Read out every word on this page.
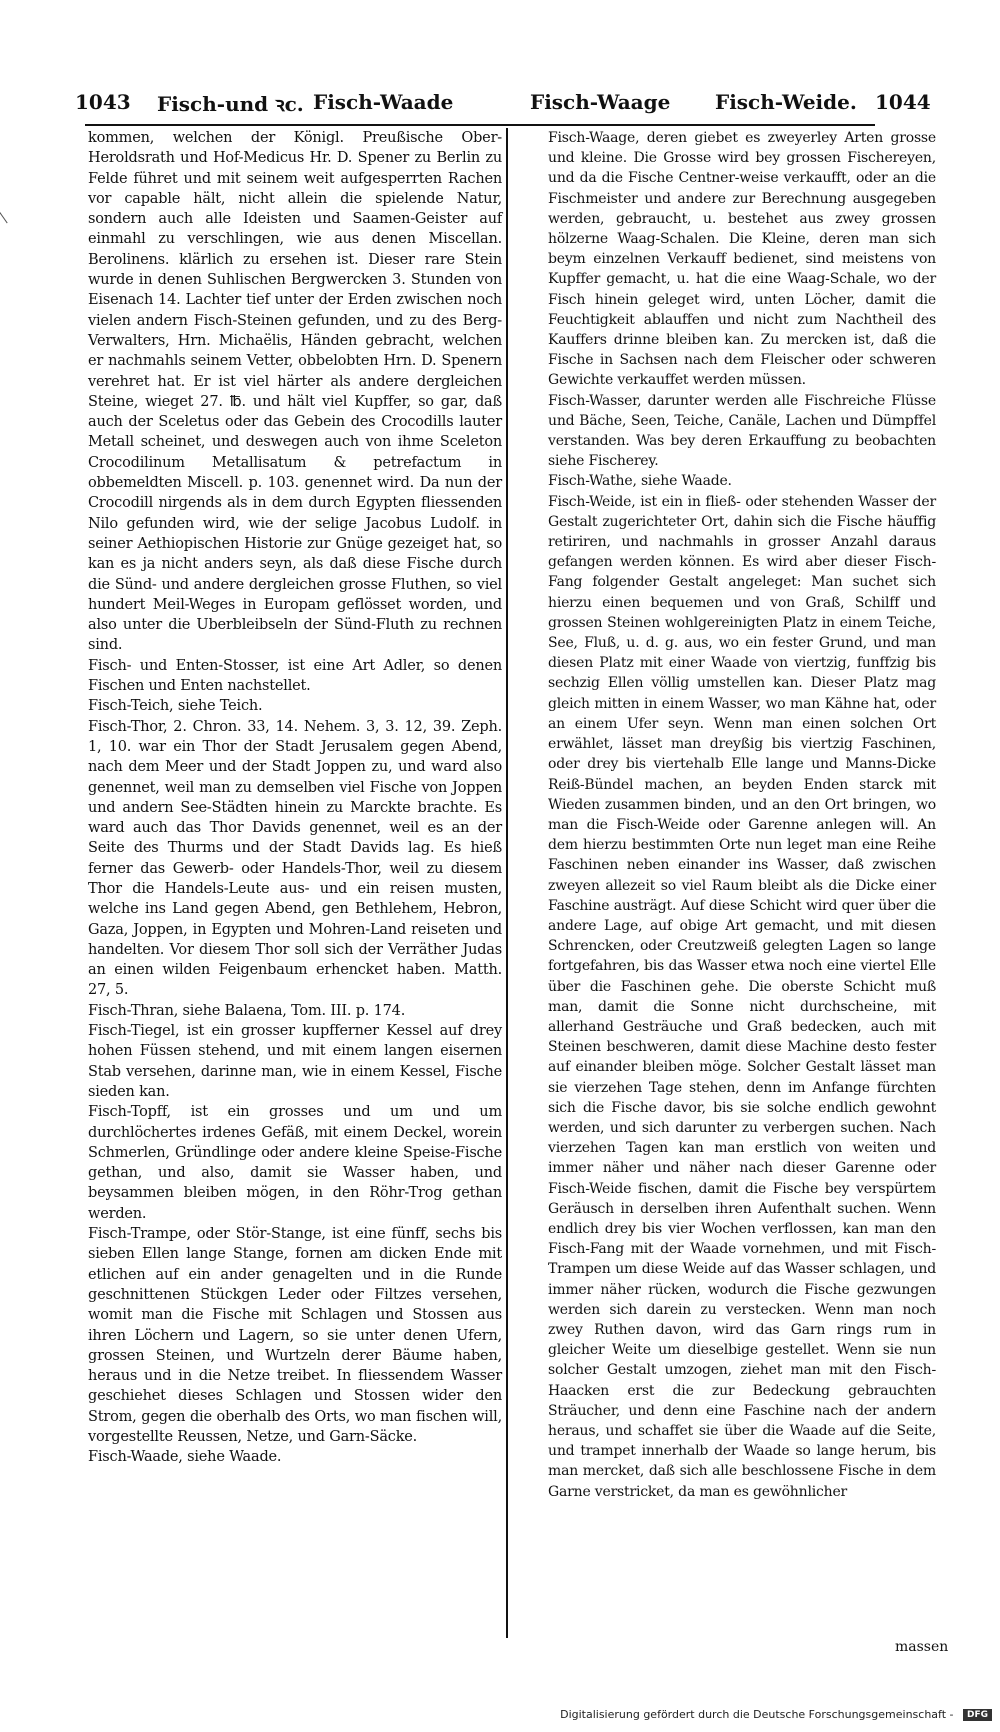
1043 Fisch-und ꝛc. Fisch-Waade	Fisch-Waage Fisch-Weide. 1044

kommen, welchen der Königl. Preußische Ober-Heroldsrath und Hof-Medicus Hr. D. Spener zu Berlin zu Felde führet und mit seinem weit aufgesperrten Rachen vor capable hält, nicht allein die spielende Natur, sondern auch alle Ideisten und Saamen-Geister auf einmahl zu verschlingen, wie aus denen Miscellan. Berolinens. klärlich zu ersehen ist. Dieser rare Stein wurde in denen Suhlischen Bergwercken 3. Stunden von Eisenach 14. Lachter tief unter der Erden zwischen noch vielen andern Fisch-Steinen gefunden, und zu des Berg-Verwalters, Hrn. Michaëlis, Händen gebracht, welchen er nachmahls seinem Vetter, obbelobten Hrn. D. Spenern verehret hat. Er ist viel härter als andere dergleichen Steine, wieget 27. ℔. und hält viel Kupffer, so gar, daß auch der Sceletus oder das Gebein des Crocodills lauter Metall scheinet, und deswegen auch von ihme Sceleton Crocodilinum Metallisatum & petrefactum in obbemeldten Miscell. p. 103. genennet wird. Da nun der Crocodill nirgends als in dem durch Egypten fliessenden Nilo gefunden wird, wie der selige Jacobus Ludolf. in seiner Aethiopischen Historie zur Gnüge gezeiget hat, so kan es ja nicht anders seyn, als daß diese Fische durch die Sünd- und andere dergleichen grosse Fluthen, so viel hundert Meil-Weges in Europam geflösset worden, und also unter die Uberbleibseln der Sünd-Fluth zu rechnen sind.

Fisch- und Enten-Stosser, ist eine Art Adler, so denen Fischen und Enten nachstellet.

Fisch-Teich, siehe Teich.

Fisch-Thor, 2. Chron. 33, 14. Nehem. 3, 3. 12, 39. Zeph. 1, 10. war ein Thor der Stadt Jerusalem gegen Abend, nach dem Meer und der Stadt Joppen zu, und ward also genennet, weil man zu demselben viel Fische von Joppen und andern See-Städten hinein zu Marckte brachte. Es ward auch das Thor Davids genennet, weil es an der Seite des Thurms und der Stadt Davids lag. Es hieß ferner das Gewerb- oder Handels-Thor, weil zu diesem Thor die Handels-Leute aus- und ein reisen musten, welche ins Land gegen Abend, gen Bethlehem, Hebron, Gaza, Joppen, in Egypten und Mohren-Land reiseten und handelten. Vor diesem Thor soll sich der Verräther Judas an einen wilden Feigenbaum erhencket haben. Matth. 27, 5.

Fisch-Thran, siehe Balaena, Tom. III. p. 174.

Fisch-Tiegel, ist ein grosser kupfferner Kessel auf drey hohen Füssen stehend, und mit einem langen eisernen Stab versehen, darinne man, wie in einem Kessel, Fische sieden kan.

Fisch-Topff, ist ein grosses und um und um durchlöchertes irdenes Gefäß, mit einem Deckel, worein Schmerlen, Gründlinge oder andere kleine Speise-Fische gethan, und also, damit sie Wasser haben, und beysammen bleiben mögen, in den Röhr-Trog gethan werden.

Fisch-Trampe, oder Stör-Stange, ist eine fünff, sechs bis sieben Ellen lange Stange, fornen am dicken Ende mit etlichen auf ein ander genagelten und in die Runde geschnittenen Stückgen Leder oder Filtzes versehen, womit man die Fische mit Schlagen und Stossen aus ihren Löchern und Lagern, so sie unter denen Ufern, grossen Steinen, und Wurtzeln derer Bäume haben, heraus und in die Netze treibet. In fliessendem Wasser geschiehet dieses Schlagen und Stossen wider den Strom, gegen die oberhalb des Orts, wo man fischen will, vorgestellte Reussen, Netze, und Garn-Säcke.

Fisch-Waade, siehe Waade.

Fisch-Waage, deren giebet es zweyerley Arten grosse und kleine. Die Grosse wird bey grossen Fischereyen, und da die Fische Centner-weise verkaufft, oder an die Fischmeister und andere zur Berechnung ausgegeben werden, gebraucht, u. bestehet aus zwey grossen hölzerne Waag-Schalen. Die Kleine, deren man sich beym einzelnen Verkauff bedienet, sind meistens von Kupffer gemacht, u. hat die eine Waag-Schale, wo der Fisch hinein geleget wird, unten Löcher, damit die Feuchtigkeit ablauffen und nicht zum Nachtheil des Kauffers drinne bleiben kan. Zu mercken ist, daß die Fische in Sachsen nach dem Fleischer oder schweren Gewichte verkauffet werden müssen.

Fisch-Wasser, darunter werden alle Fischreiche Flüsse und Bäche, Seen, Teiche, Canäle, Lachen und Dümpffel verstanden. Was bey deren Erkauffung zu beobachten siehe Fischerey.

Fisch-Wathe, siehe Waade.

Fisch-Weide, ist ein in fließ- oder stehenden Wasser der Gestalt zugerichteter Ort, dahin sich die Fische häuffig retiriren, und nachmahls in grosser Anzahl daraus gefangen werden können. Es wird aber dieser Fisch-Fang folgender Gestalt angeleget: Man suchet sich hierzu einen bequemen und von Graß, Schilff und grossen Steinen wohlgereinigten Platz in einem Teiche, See, Fluß, u. d. g. aus, wo ein fester Grund, und man diesen Platz mit einer Waade von viertzig, funffzig bis sechzig Ellen völlig umstellen kan. Dieser Platz mag gleich mitten in einem Wasser, wo man Kähne hat, oder an einem Ufer seyn. Wenn man einen solchen Ort erwählet, lässet man dreyßig bis viertzig Faschinen, oder drey bis viertehalb Elle lange und Manns-Dicke Reiß-Bündel machen, an beyden Enden starck mit Wieden zusammen binden, und an den Ort bringen, wo man die Fisch-Weide oder Garenne anlegen will. An dem hierzu bestimmten Orte nun leget man eine Reihe Faschinen neben einander ins Wasser, daß zwischen zweyen allezeit so viel Raum bleibt als die Dicke einer Faschine austrägt. Auf diese Schicht wird quer über die andere Lage, auf obige Art gemacht, und mit diesen Schrencken, oder Creutzweiß gelegten Lagen so lange fortgefahren, bis das Wasser etwa noch eine viertel Elle über die Faschinen gehe. Die oberste Schicht muß man, damit die Sonne nicht durchscheine, mit allerhand Gesträuche und Graß bedecken, auch mit Steinen beschweren, damit diese Machine desto fester auf einander bleiben möge. Solcher Gestalt lässet man sie vierzehen Tage stehen, denn im Anfange fürchten sich die Fische davor, bis sie solche endlich gewohnt werden, und sich darunter zu verbergen suchen. Nach vierzehen Tagen kan man erstlich von weiten und immer näher und näher nach dieser Garenne oder Fisch-Weide fischen, damit die Fische bey verspürtem Geräusch in derselben ihren Aufenthalt suchen. Wenn endlich drey bis vier Wochen verflossen, kan man den Fisch-Fang mit der Waade vornehmen, und mit Fisch-Trampen um diese Weide auf das Wasser schlagen, und immer näher rücken, wodurch die Fische gezwungen werden sich darein zu verstecken. Wenn man noch zwey Ruthen davon, wird das Garn rings rum in gleicher Weite um dieselbige gestellet. Wenn sie nun solcher Gestalt umzogen, ziehet man mit den Fisch-Haacken erst die zur Bedeckung gebrauchten Sträucher, und denn eine Faschine nach der andern heraus, und schaffet sie über die Waade auf die Seite, und trampet innerhalb der Waade so lange herum, bis man mercket, daß sich alle beschlossene Fische in dem Garne verstricket, da man es gewöhnlicher

massen
Digitalisierung gefördert durch die Deutsche Forschungsgemeinschaft - DFG
